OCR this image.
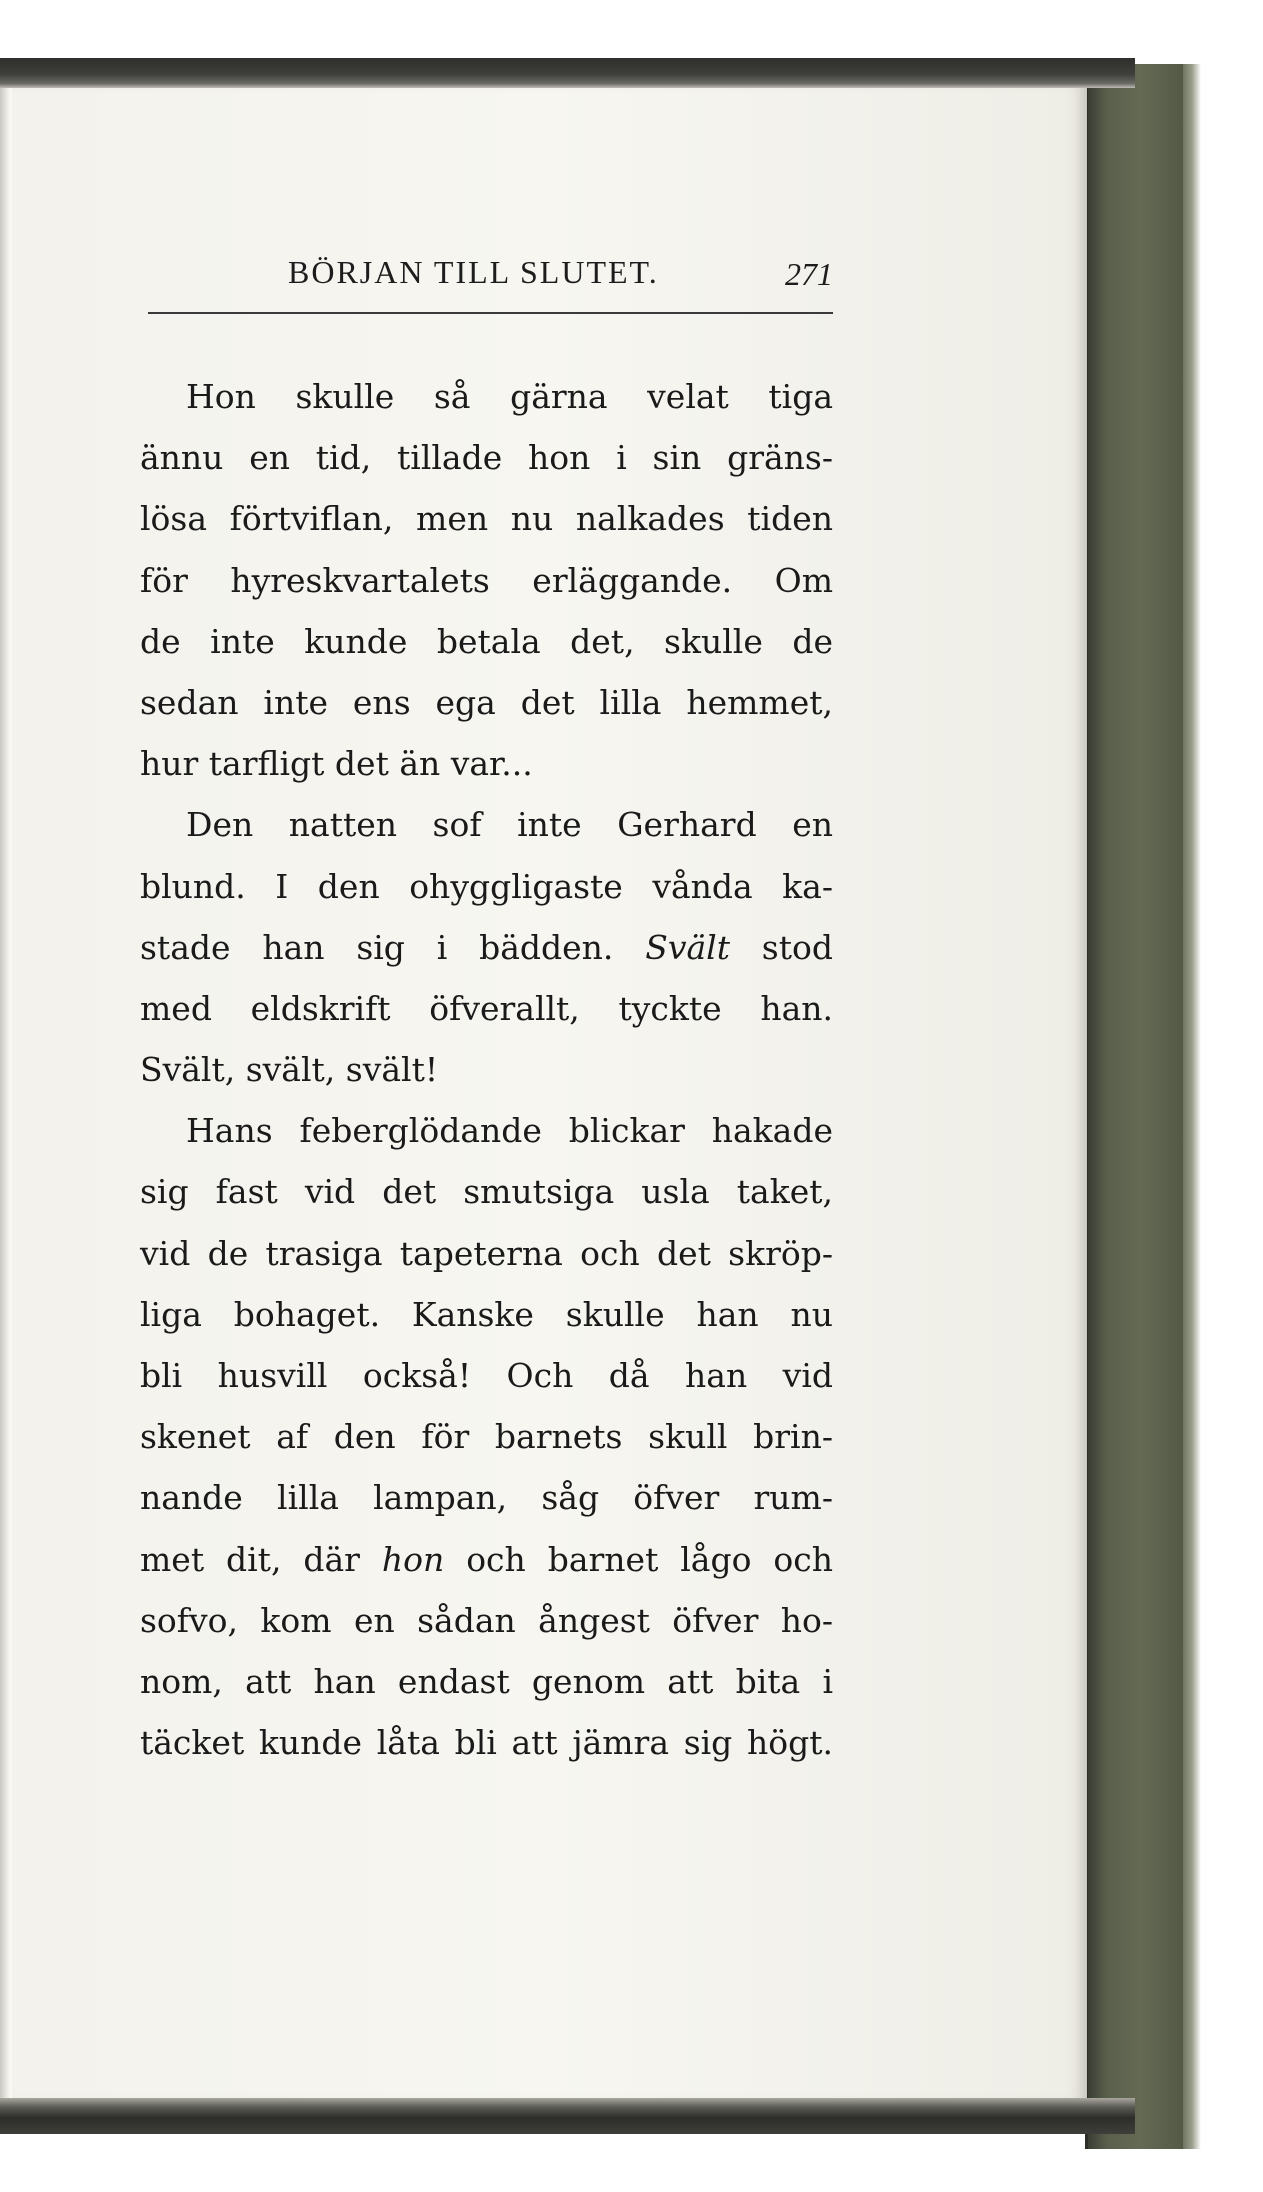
BÖRJAN TILL SLUTET.	271
Hon skulle så gärna velat tiga
ännu en tid, tillade hon i sin gräns-
lösa förtviflan, men nu nalkades tiden
för hyreskvartalets erläggande. Om
de inte kunde betala det, skulle de
sedan inte ens ega det lilla hemmet,
hur tarfligt det än var...
Den natten sof inte Gerhard en
blund. I den ohyggligaste vånda ka-
stade han sig i bädden. Svält stod
med eldskrift öfverallt, tyckte han.
Svält, svält, svält!
Hans feberglödande blickar hakade
sig fast vid det smutsiga usla taket,
vid de trasiga tapeterna och det skröp-
liga bohaget. Kanske skulle han nu
bli husvill också! Och då han vid
skenet af den för barnets skull brin-
nande lilla lampan, såg öfver rum-
met dit, där hon och barnet lågo och
sofvo, kom en sådan ångest öfver ho-
nom, att han endast genom att bita i
täcket kunde låta bli att jämra sig högt.
